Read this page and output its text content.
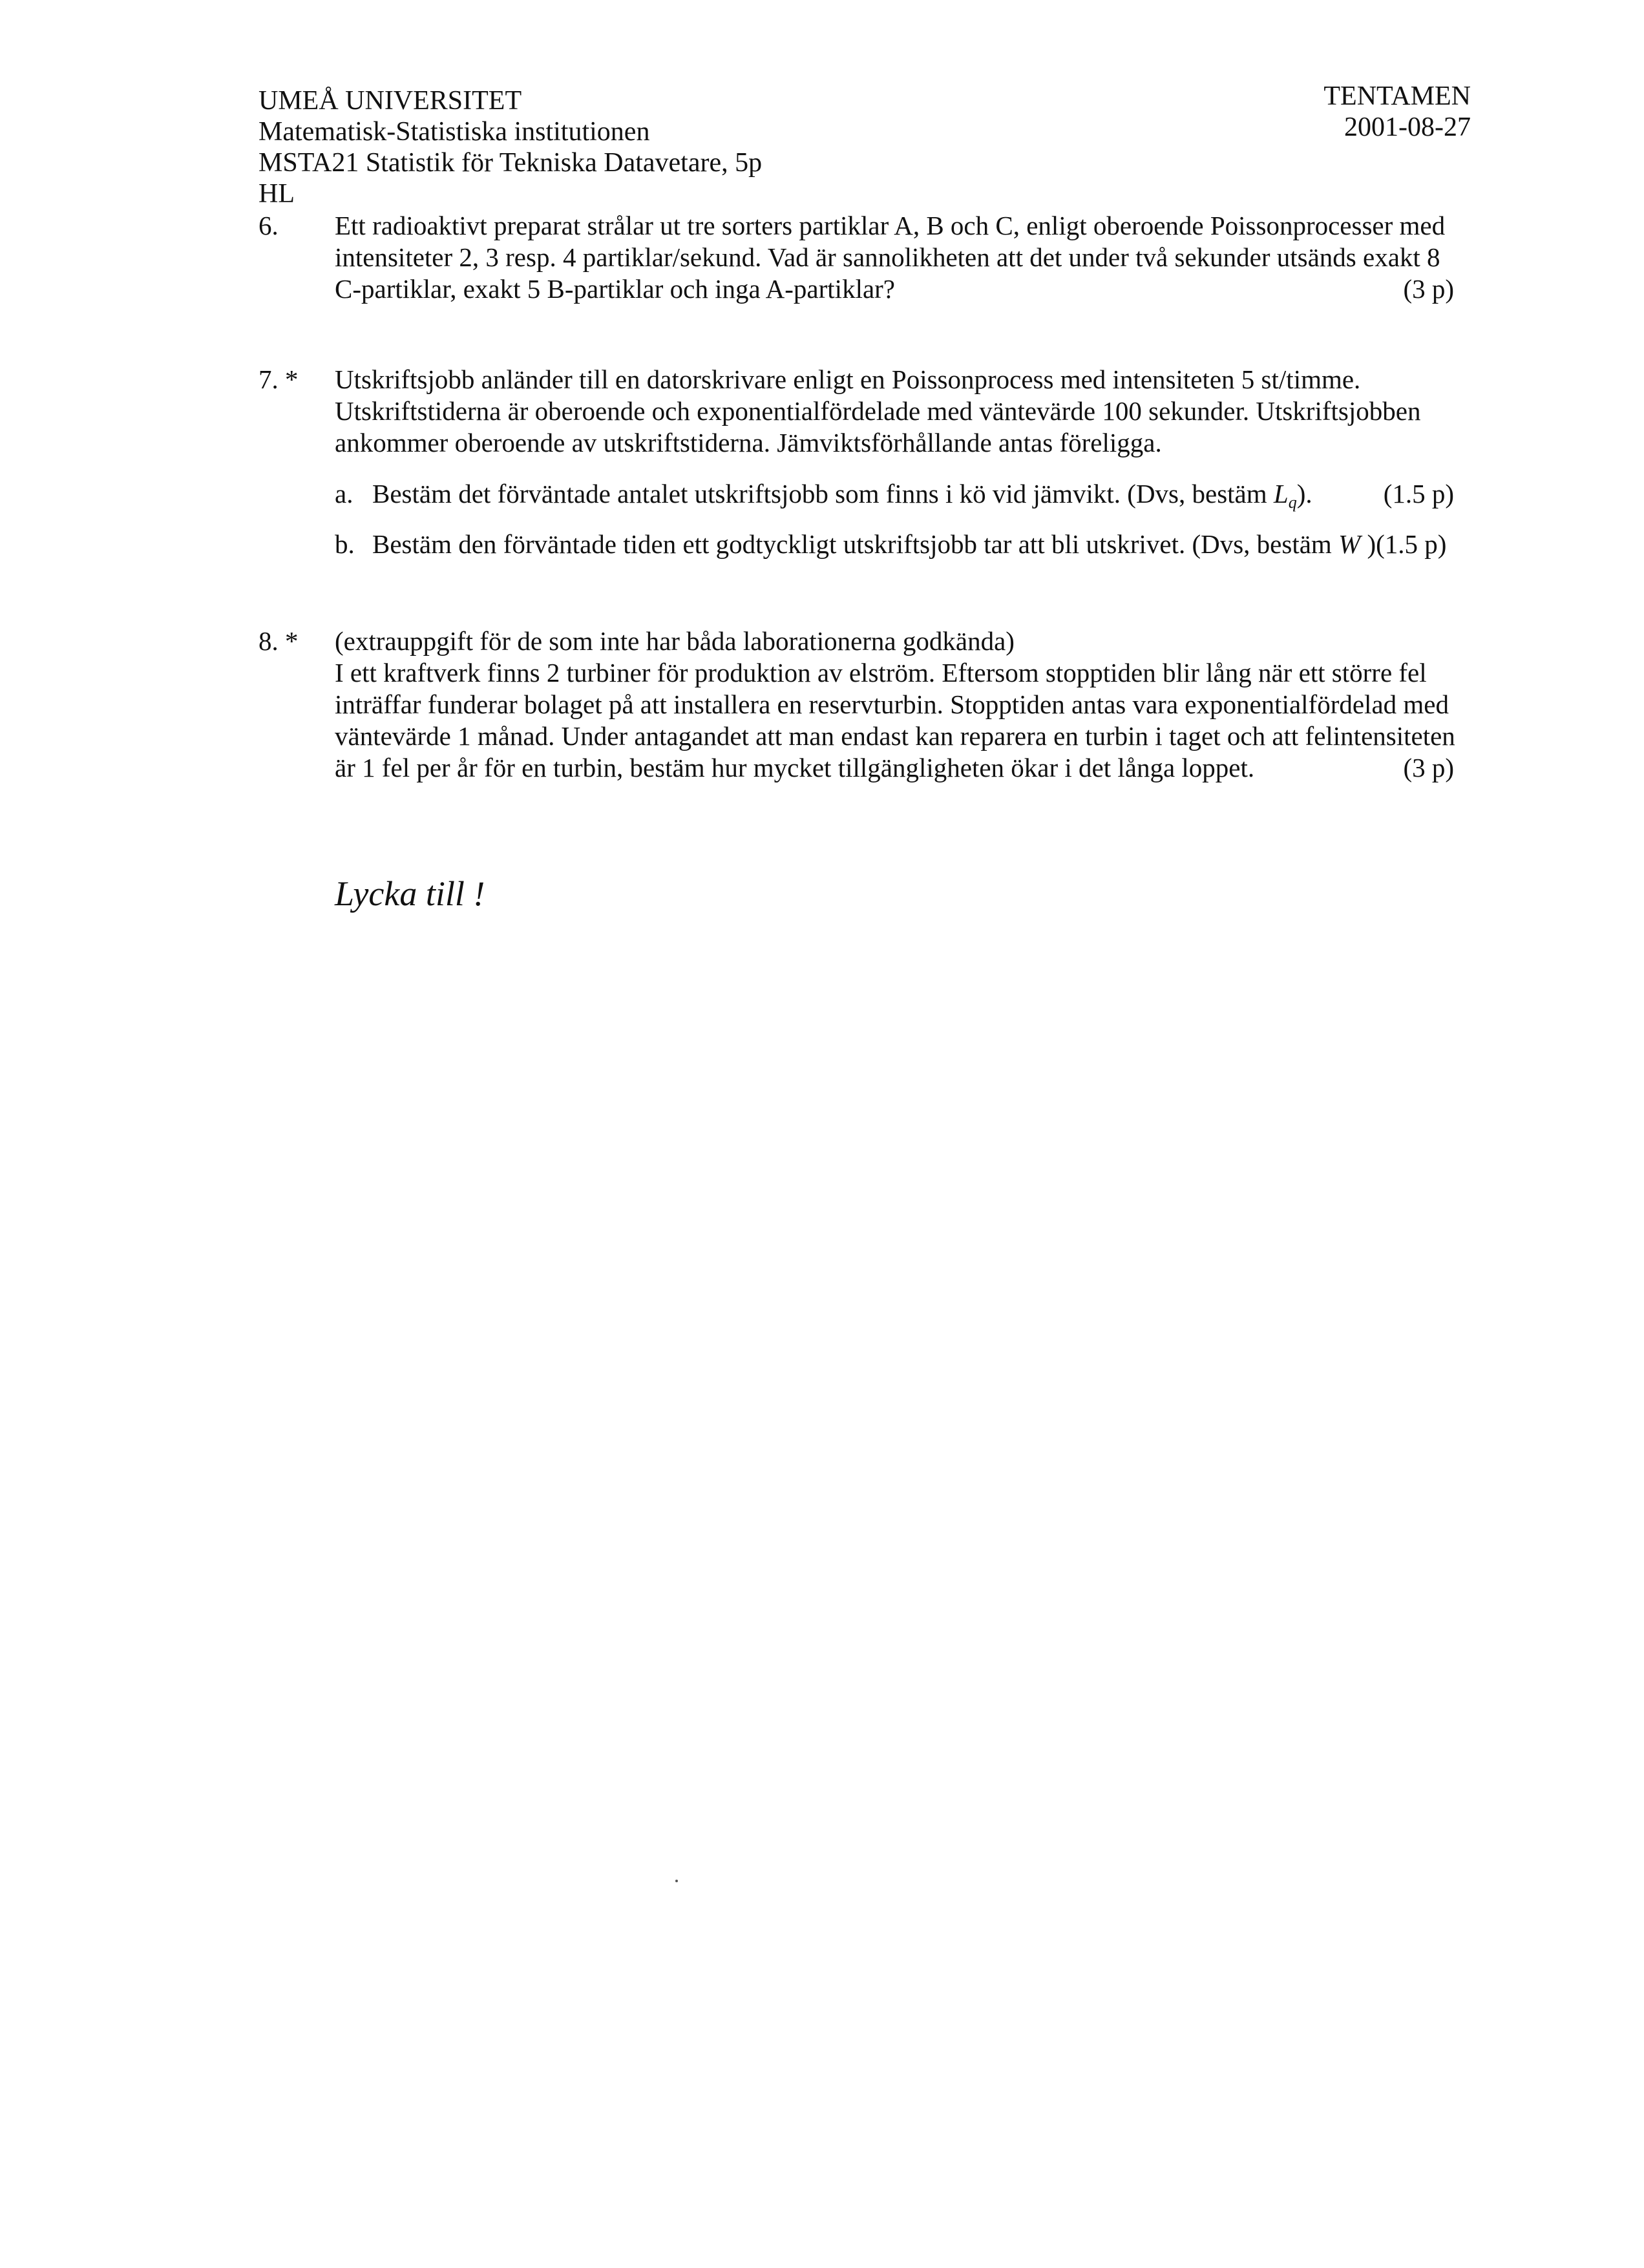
UMEÅ UNIVERSITET
Matematisk-Statistiska institutionen
MSTA21 Statistik för Tekniska Datavetare, 5p
HL
TENTAMEN
2001-08-27
6.	Ett radioaktivt preparat strålar ut tre sorters partiklar A, B och C, enligt oberoende Poissonprocesser med
intensiteter 2, 3 resp. 4 partiklar/sekund. Vad är sannolikheten att det under två sekunder utsänds exakt 8
C-partiklar, exakt 5 B-partiklar och inga A-partiklar?	(3 p)
7. *	Utskriftsjobb anländer till en datorskrivare enligt en Poissonprocess med intensiteten 5 st/timme.
Utskriftstiderna är oberoende och exponentialfördelade med väntevärde 100 sekunder. Utskriftsjobben
ankommer oberoende av utskriftstiderna. Jämviktsförhållande antas föreligga.
a. Bestäm det förväntade antalet utskriftsjobb som finns i kö vid jämvikt. (Dvs, bestäm $L_q$).	(1.5 p)
b. Bestäm den förväntade tiden ett godtyckligt utskriftsjobb tar att bli utskrivet. (Dvs, bestäm W )(1.5 p)
8. *	(extrauppgift för de som inte har båda laborationerna godkända)
I ett kraftverk finns 2 turbiner för produktion av elström. Eftersom stopptiden blir lång när ett större fel
inträffar funderar bolaget på att installera en reservturbin. Stopptiden antas vara exponentialfördelad med
väntevärde 1 månad. Under antagandet att man endast kan reparera en turbin i taget och att felintensiteten
är 1 fel per år för en turbin, bestäm hur mycket tillgängligheten ökar i det långa loppet.	(3 p)
Lycka till !
